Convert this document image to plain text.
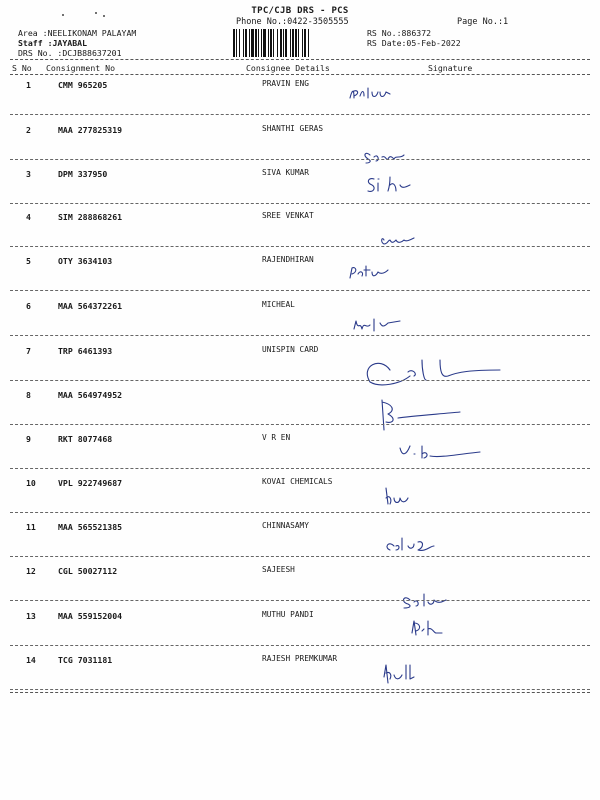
TPC/CJB DRS - PCS
Phone No.:0422-3505555	Page No.:1
Area :NEELIKONAM PALAYAM
Staff :JAYABAL
DRS No. :DCJB88637201
RS No.:886372
RS Date:05-Feb-2022
S No Consignment No	Consignee Details	Signature
1	CMM 965205	PRAVIN ENG
2	MAA 277825319	SHANTHI GERAS
3	DPM 337950	SIVA KUMAR
4	SIM 288868261	SREE VENKAT
5	OTY 3634103	RAJENDHIRAN
6	MAA 564372261	MICHEAL
7	TRP 6461393	UNISPIN CARD
8	MAA 564974952
9	RKT 8077468	V R EN
10	VPL 922749687	KOVAI CHEMICALS
11	MAA 565521385	CHINNASAMY
12	CGL 50027112	SAJEESH
13	MAA 559152004	MUTHU PANDI
14	TCG 7031181	RAJESH PREMKUMAR
